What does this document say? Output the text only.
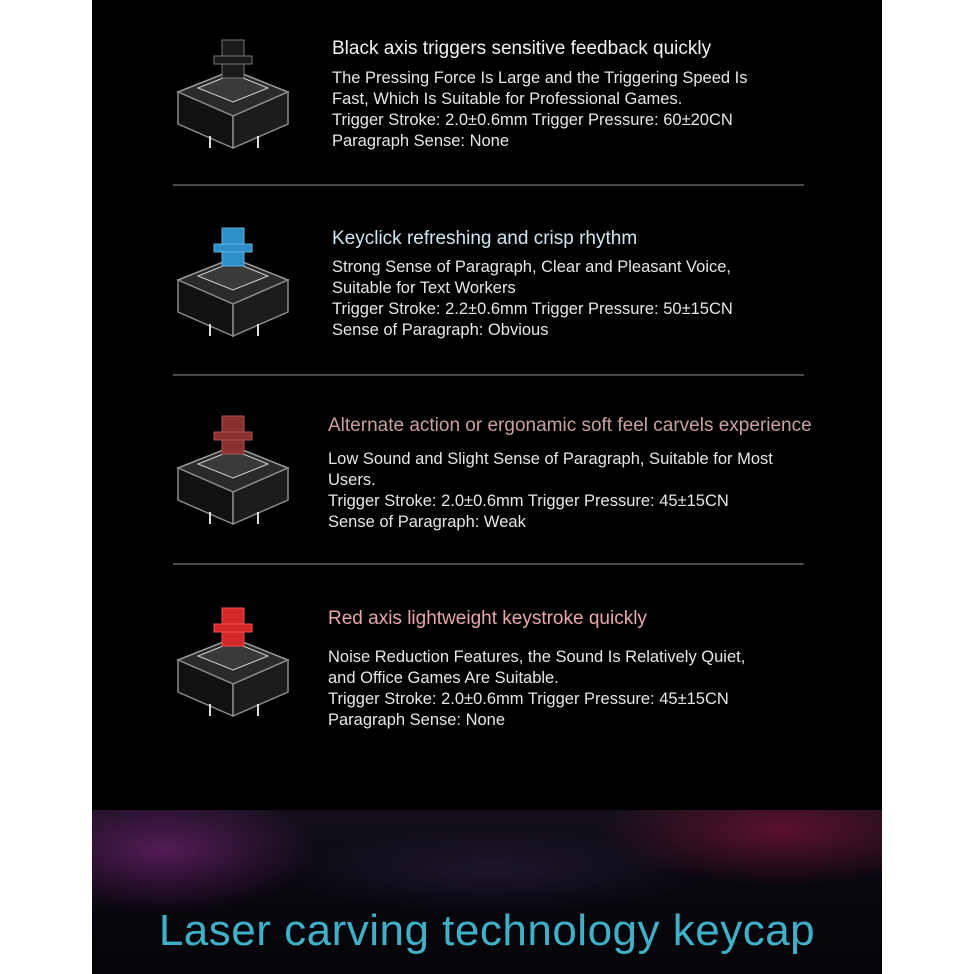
Black axis triggers sensitive feedback quickly
The Pressing Force Is Large and the Triggering Speed Is
Fast, Which Is Suitable for Professional Games.
Trigger Stroke: 2.0±0.6mm Trigger Pressure: 60±20CN
Paragraph Sense: None
Keyclick refreshing and crisp rhythm
Strong Sense of Paragraph, Clear and Pleasant Voice,
Suitable for Text Workers
Trigger Stroke: 2.2±0.6mm Trigger Pressure: 50±15CN
Sense of Paragraph: Obvious
Alternate action or ergonamic soft feel carvels experience
Low Sound and Slight Sense of Paragraph, Suitable for Most
Users.
Trigger Stroke: 2.0±0.6mm Trigger Pressure: 45±15CN
Sense of Paragraph: Weak
Red axis lightweight keystroke quickly
Noise Reduction Features, the Sound Is Relatively Quiet,
and Office Games Are Suitable.
Trigger Stroke: 2.0±0.6mm Trigger Pressure: 45±15CN
Paragraph Sense: None
Laser carving technology keycap
